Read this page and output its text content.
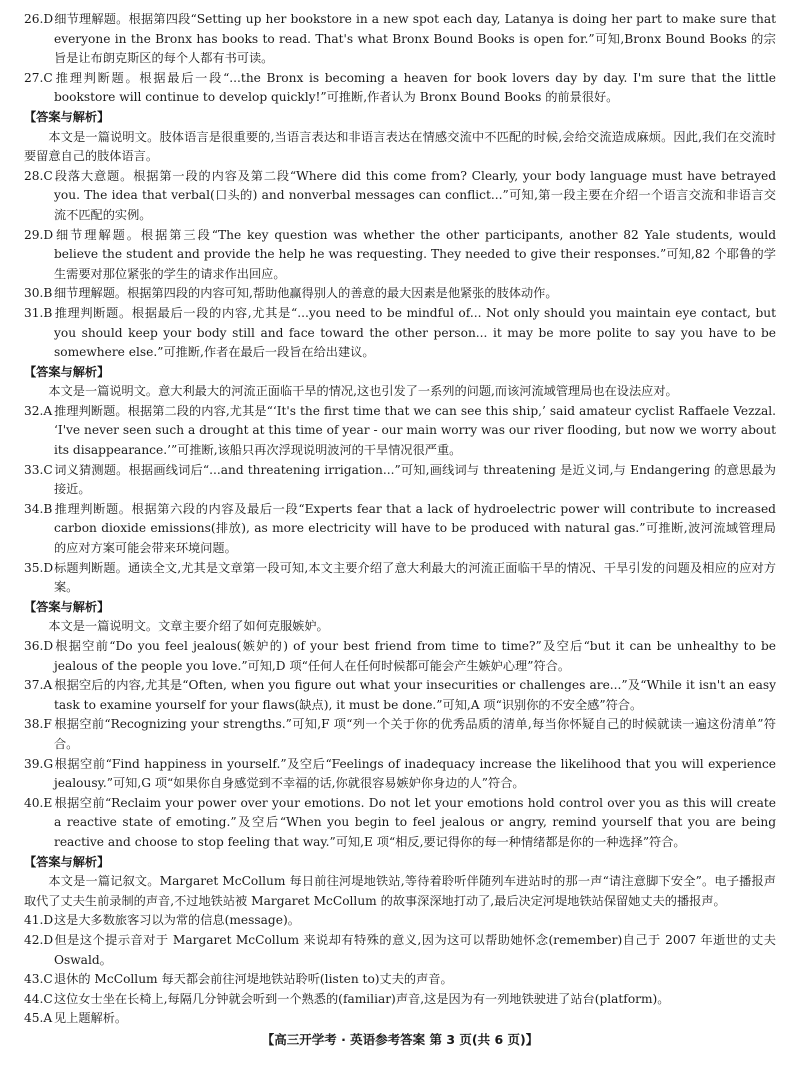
26.D细节理解题。根据第四段“Setting up her bookstore in a new spot each day, Latanya is doing her part to make sure that everyone in the Bronx has books to read. That's what Bronx Bound Books is open for.”可知,Bronx Bound Books 的宗旨是让布朗克斯区的每个人都有书可读。

27.C推理判断题。根据最后一段“...the Bronx is becoming a heaven for book lovers day by day. I'm sure that the little bookstore will continue to develop quickly!”可推断,作者认为 Bronx Bound Books 的前景很好。

【答案与解析】

本文是一篇说明文。肢体语言是很重要的,当语言表达和非语言表达在情感交流中不匹配的时候,会给交流造成麻烦。因此,我们在交流时要留意自己的肢体语言。

28.C段落大意题。根据第一段的内容及第二段“Where did this come from? Clearly, your body language must have betrayed you. The idea that verbal(口头的) and nonverbal messages can conflict...”可知,第一段主要在介绍一个语言交流和非语言交流不匹配的实例。

29.D细节理解题。根据第三段“The key question was whether the other participants, another 82 Yale students, would believe the student and provide the help he was requesting. They needed to give their responses.”可知,82 个耶鲁的学生需要对那位紧张的学生的请求作出回应。

30.B 细节理解题。根据第四段的内容可知,帮助他赢得别人的善意的最大因素是他紧张的肢体动作。

31.B 推理判断题。根据最后一段的内容,尤其是“...you need to be mindful of... Not only should you maintain eye contact, but you should keep your body still and face toward the other person... it may be more polite to say you have to be somewhere else.”可推断,作者在最后一段旨在给出建议。

【答案与解析】

本文是一篇说明文。意大利最大的河流正面临干旱的情况,这也引发了一系列的问题,而该河流域管理局也在设法应对。

32.A 推理判断题。根据第二段的内容,尤其是“‘It's the first time that we can see this ship,’ said amateur cyclist Raffaele Vezzal. ‘I've never seen such a drought at this time of year - our main worry was our river flooding, but now we worry about its disappearance.’”可推断,该船只再次浮现说明波河的干旱情况很严重。

33.C词义猜测题。根据画线词后“...and threatening irrigation...”可知,画线词与 threatening 是近义词,与 Endangering 的意思最为接近。

34.B 推理判断题。根据第六段的内容及最后一段“Experts fear that a lack of hydroelectric power will contribute to increased carbon dioxide emissions(排放), as more electricity will have to be produced with natural gas.”可推断,波河流域管理局的应对方案可能会带来环境问题。

35.D标题判断题。通读全文,尤其是文章第一段可知,本文主要介绍了意大利最大的河流正面临干旱的情况、干旱引发的问题及相应的应对方案。

【答案与解析】

本文是一篇说明文。文章主要介绍了如何克服嫉妒。

36.D根据空前“Do you feel jealous(嫉妒的) of your best friend from time to time?”及空后“but it can be unhealthy to be jealous of the people you love.”可知,D 项“任何人在任何时候都可能会产生嫉妒心理”符合。

37.A 根据空后的内容,尤其是“Often, when you figure out what your insecurities or challenges are...”及“While it isn't an easy task to examine yourself for your flaws(缺点), it must be done.”可知,A 项“识别你的不安全感”符合。

38.F 根据空前“Recognizing your strengths.”可知,F 项“列一个关于你的优秀品质的清单,每当你怀疑自己的时候就读一遍这份清单”符合。

39.G根据空前“Find happiness in yourself.”及空后“Feelings of inadequacy increase the likelihood that you will experience jealousy.”可知,G 项“如果你自身感觉到不幸福的话,你就很容易嫉妒你身边的人”符合。

40.E 根据空前“Reclaim your power over your emotions. Do not let your emotions hold control over you as this will create a reactive state of emoting.”及空后“When you begin to feel jealous or angry, remind yourself that you are being reactive and choose to stop feeling that way.”可知,E 项“相反,要记得你的每一种情绪都是你的一种选择”符合。

【答案与解析】

本文是一篇记叙文。Margaret McCollum 每日前往河堤地铁站,等待着聆听伴随列车进站时的那一声“请注意脚下安全”。电子播报声取代了丈夫生前录制的声音,不过地铁站被 Margaret McCollum 的故事深深地打动了,最后决定河堤地铁站保留她丈夫的播报声。

41.D这是大多数旅客习以为常的信息(message)。

42.D但是这个提示音对于 Margaret McCollum 来说却有特殊的意义,因为这可以帮助她怀念(remember)自己于 2007 年逝世的丈夫 Oswald。

43.C退休的 McCollum 每天都会前往河堤地铁站聆听(listen to)丈夫的声音。

44.C这位女士坐在长椅上,每隔几分钟就会听到一个熟悉的(familiar)声音,这是因为有一列地铁驶进了站台(platform)。

45.A 见上题解析。

【高三开学考 · 英语参考答案 第 3 页(共 6 页)】
